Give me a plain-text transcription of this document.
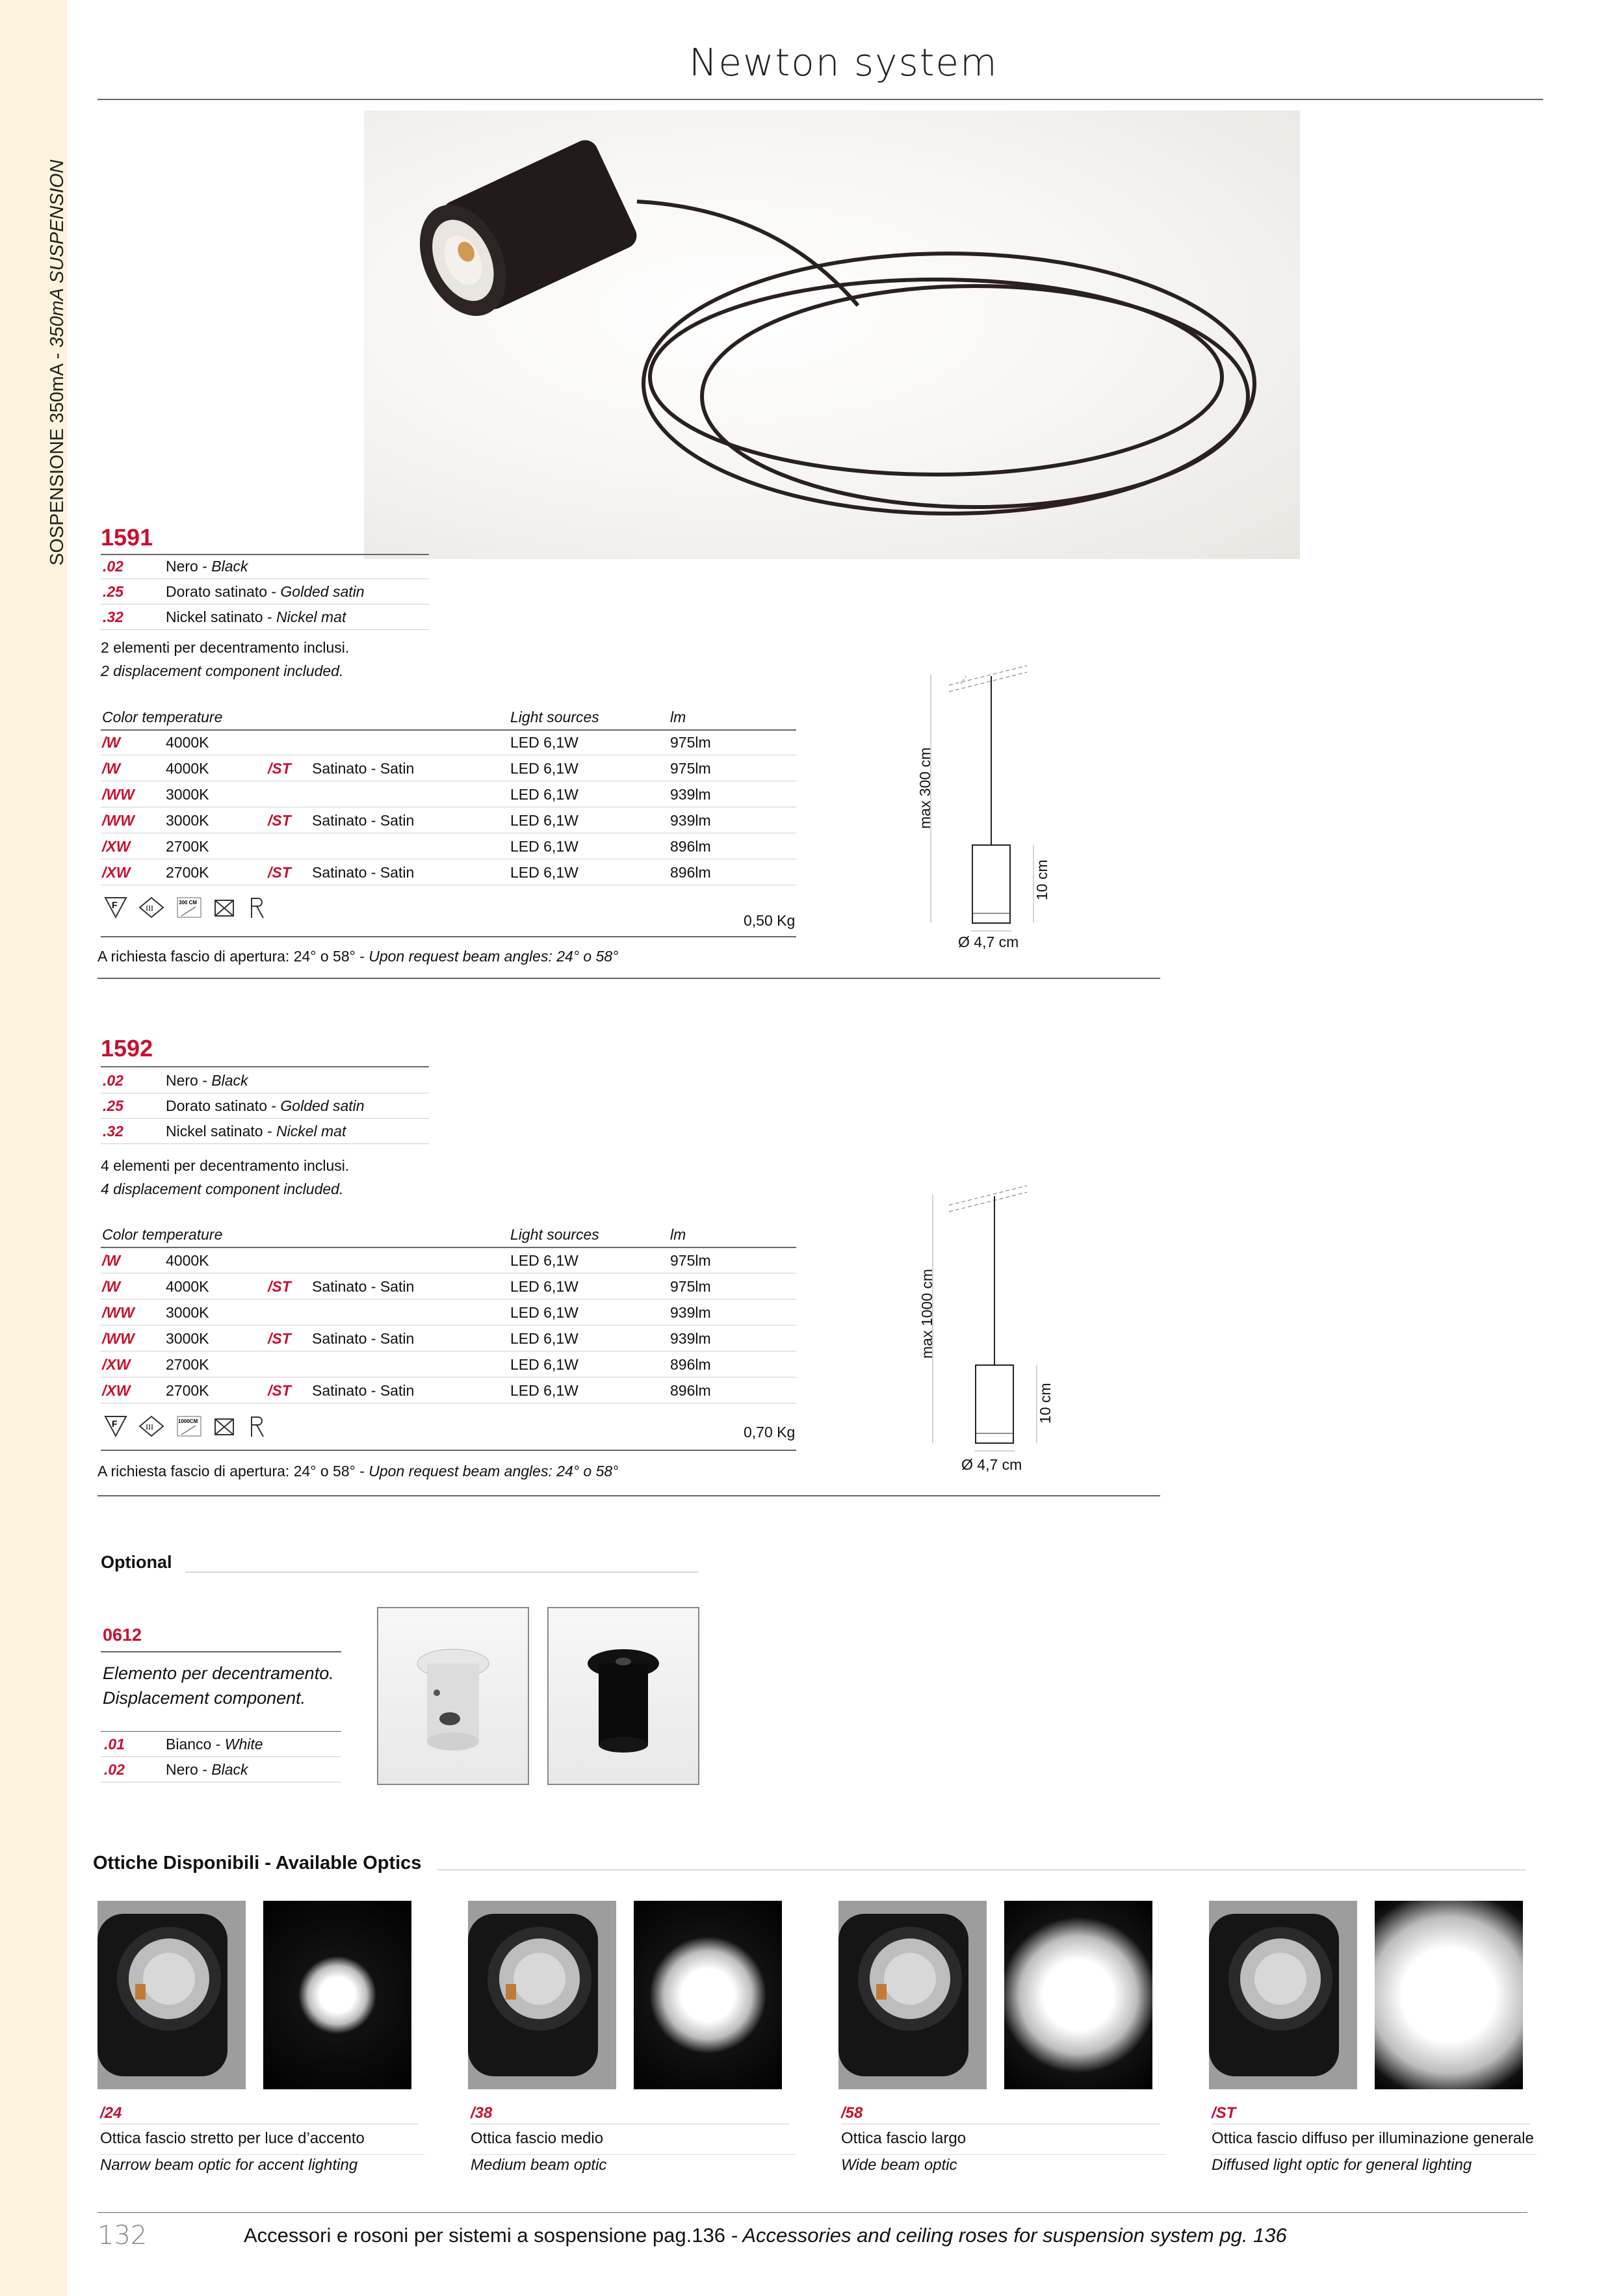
SOSPENSIONE 350mA - 350mA SUSPENSION
Newton system
1591
.02	Nero - Black
.25	Dorato satinato - Golded satin
.32	Nickel satinato - Nickel mat
2 elementi per decentramento inclusi.
2 displacement component included.
Color temperature	Light sources	lm
/W	4000K	LED 6,1W	975lm
/W	4000K	/ST Satinato - Satin	LED 6,1W	975lm
/WW 3000K	LED 6,1W	939lm
/WW 3000K	/ST Satinato - Satin	LED 6,1W	939lm
/XW 2700K	LED 6,1W	896lm
/XW 2700K	/ST Satinato - Satin	LED 6,1W	896lm
F
	III

300 CM

0,50 Kg
A richiesta fascio di apertura: 24° o 58° - Upon request beam angles: 24° o 58°
max 300 cm
10 cm
Ø 4,7 cm
1592
.02	Nero - Black
.25	Dorato satinato - Golded satin
.32	Nickel satinato - Nickel mat
4 elementi per decentramento inclusi.
4 displacement component included.
Color temperature	Light sources	lm
/W	4000K	LED 6,1W	975lm
/W	4000K	/ST Satinato - Satin	LED 6,1W	975lm
/WW 3000K	LED 6,1W	939lm
/WW 3000K	/ST Satinato - Satin	LED 6,1W	939lm
/XW 2700K	LED 6,1W	896lm
/XW 2700K	/ST Satinato - Satin	LED 6,1W	896lm
F
	III

1000CM

0,70 Kg
A richiesta fascio di apertura: 24° o 58° - Upon request beam angles: 24° o 58°
max 1000 cm
10 cm
Ø 4,7 cm
Optional
0612
Elemento per decentramento.
Displacement component.
.01	Bianco - White
.02	Nero - Black
Ottiche Disponibili - Available Optics
/24
Ottica fascio stretto per luce d’accento
Narrow beam optic for accent lighting
/38
Ottica fascio medio
Medium beam optic
/58
Ottica fascio largo
Wide beam optic
/ST
Ottica fascio diffuso per illuminazione generale
Diffused light optic for general lighting
132	Accessori e rosoni per sistemi a sospensione pag.136 - Accessories and ceiling roses for suspension system pg. 136
